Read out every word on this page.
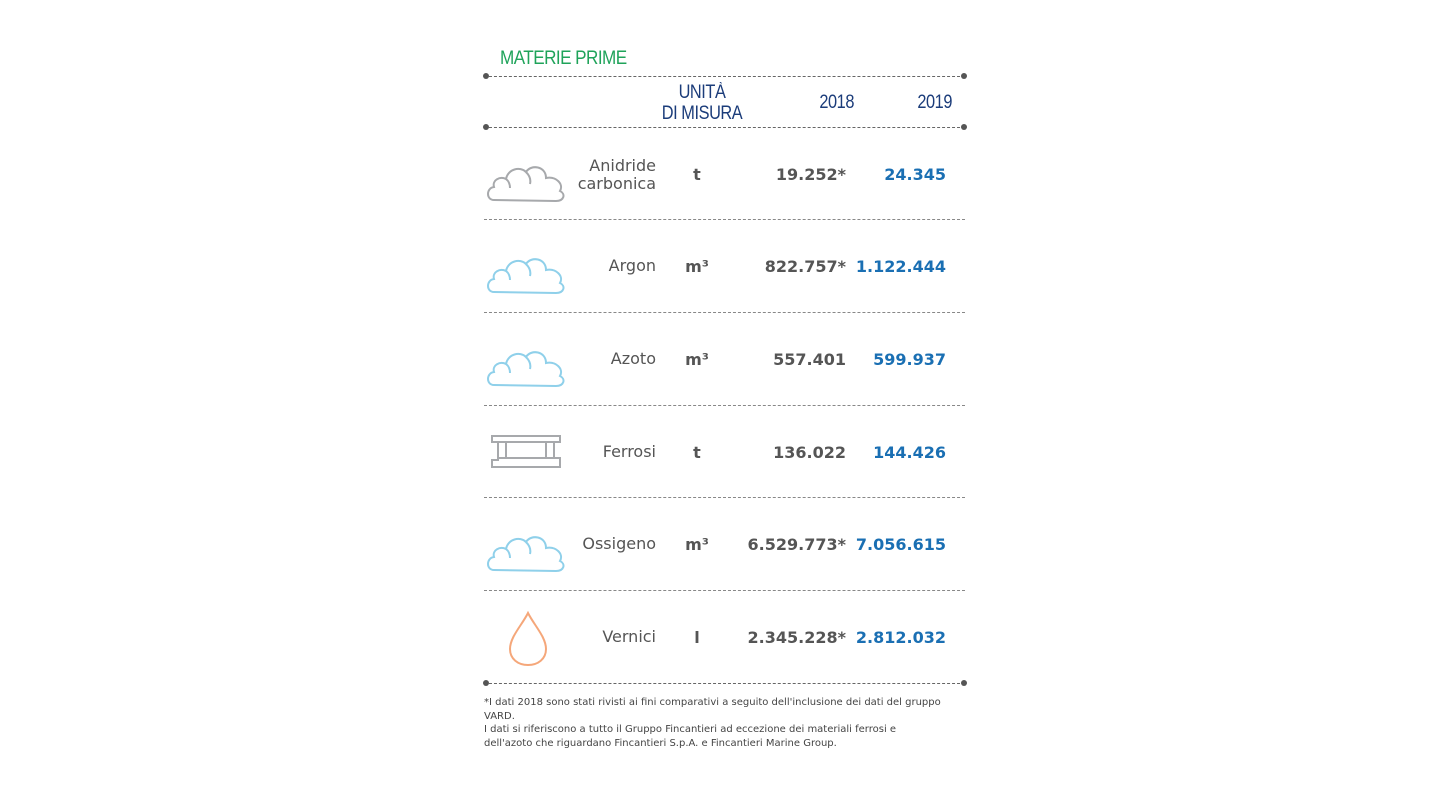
MATERIE PRIME
UNITÀ
DI MISURA
2018	2019
Anidride
carbonica	t	19.252*	24.345
Argon	m³	822.757* 1.122.444
Azoto	m³	557.401	599.937
Ferrosi	t	136.022	144.426
Ossigeno	m³	6.529.773* 7.056.615
Vernici	l	2.345.228* 2.812.032
*I dati 2018 sono stati rivisti ai fini comparativi a seguito dell'inclusione dei dati del gruppo VARD.
I dati si riferiscono a tutto il Gruppo Fincantieri ad eccezione dei materiali ferrosi e dell'azoto che riguardano Fincantieri S.p.A. e Fincantieri Marine Group.
